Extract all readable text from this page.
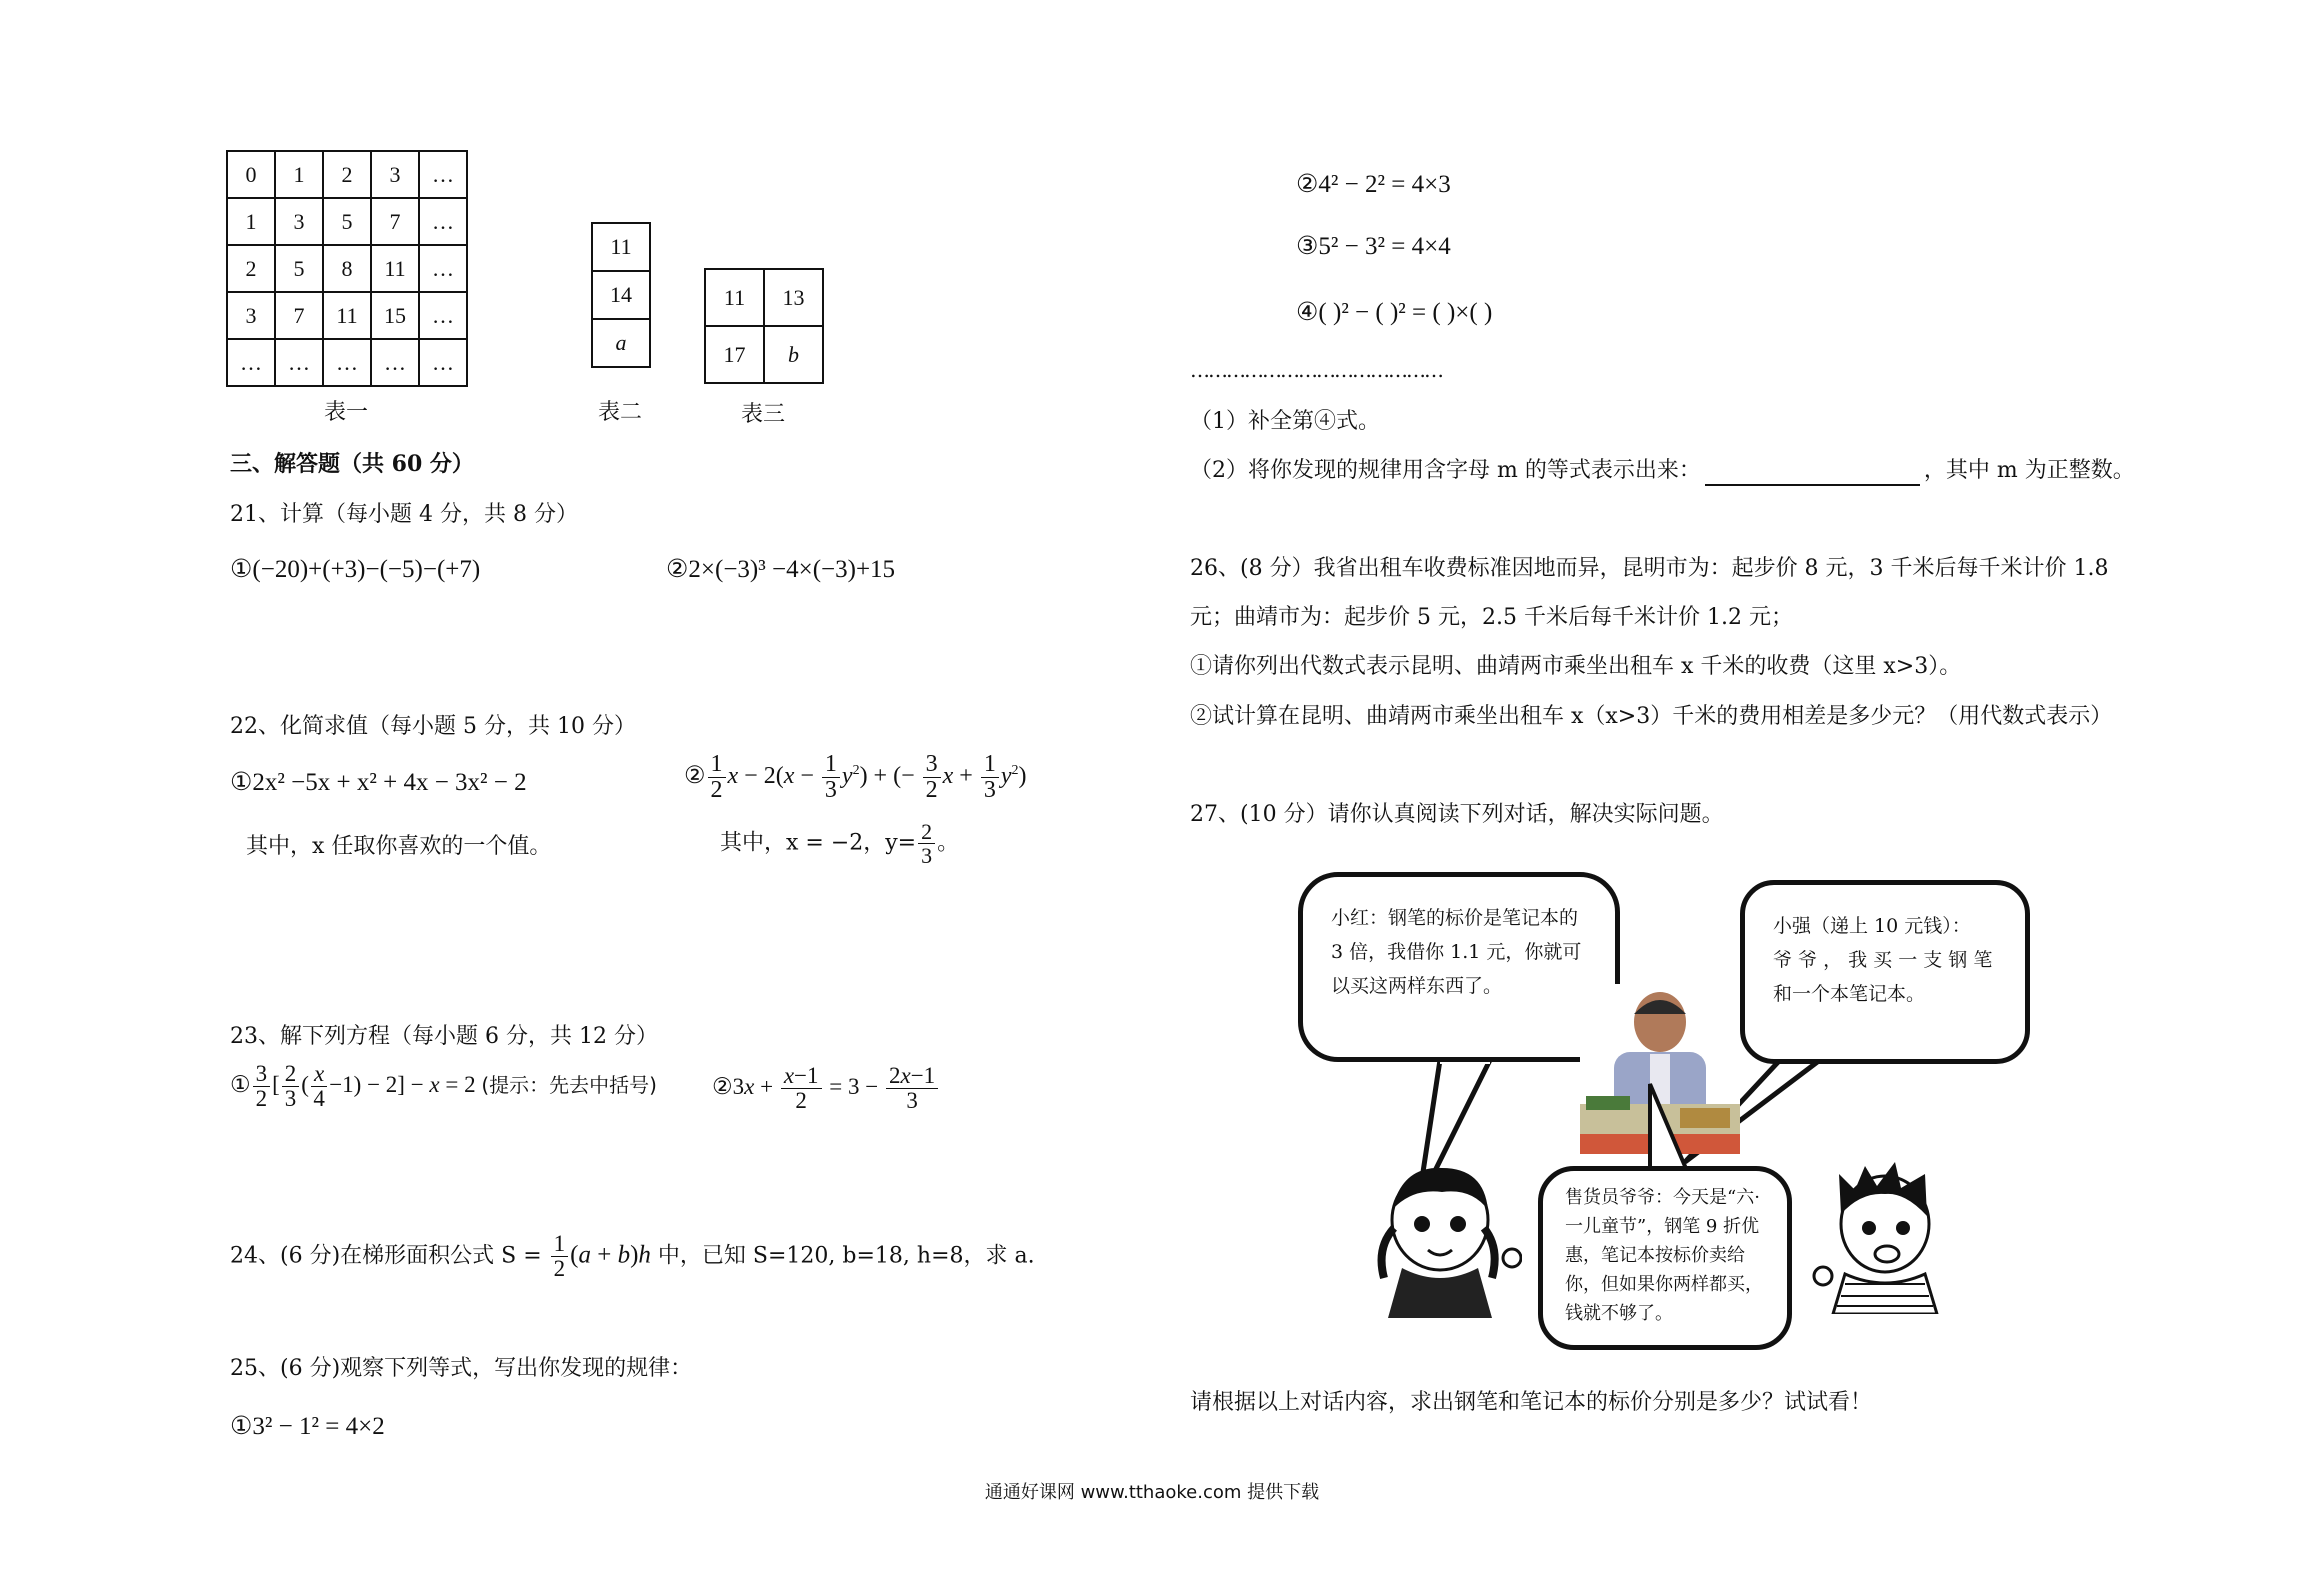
0	1	2	3	…
1	3	5	7	…
2	5	8	11	…
3	7	11	15	…
…	…	…	…	…
表一
11
14
a
表二
11	13
17	b
表三
三、解答题（共 60 分）
21、计算（每小题 4 分，共 8 分）
①(−20)+(+3)−(−5)−(+7)	②2×(−3)³ −4×(−3)+15
22、化简求值（每小题 5 分，共 10 分）
①2x² −5x + x² + 4x − 3x² − 2
其中，x 任取你喜欢的一个值。
② $\frac{1}{2}$ $x - 2(x - \frac{1}{3} y^2)$ + (− $\frac{3}{2}$ $x + \frac{1}{3} y^2$)
其中，x = −2，$y= \frac{2}{3}$ 。
23、解下列方程（每小题 6 分，共 12 分）
① $\frac{3}{2}$ [ $\frac{2}{3}$ ( $\frac{x}{4} -1) - 2] - x = 2$ (提示：先去中括号) ②3x + $\frac{x-1}{2} = 3 - \frac{2x-1}{3}$
24、(6 分)在梯形面积公式 $S = \frac{1}{2} (a + b)h$ 中，已知 S=120, b=18, h=8，求 a.
25、(6 分)观察下列等式，写出你发现的规律：
①3² − 1² = 4×2
②4² − 2² = 4×3
③5² − 3² = 4×4
④( )² − ( )² = ( )×( )
……………………………………
（1）补全第④式。
（2）将你发现的规律用含字母 m 的等式表示出来：	，其中 m 为正整数。
26、(8 分）我省出租车收费标准因地而异，昆明市为：起步价 8 元，3 千米后每千米计价 1.8
元；曲靖市为：起步价 5 元，2.5 千米后每千米计价 1.2 元；
①请你列出代数式表示昆明、曲靖两市乘坐出租车 x 千米的收费（这里 x>3）。
②试计算在昆明、曲靖两市乘坐出租车 x（x>3）千米的费用相差是多少元？（用代数式表示）
27、(10 分）请你认真阅读下列对话，解决实际问题。
小红：钢笔的标价是笔记本的 3 倍，我借你 1.1 元，你就可以买这两样东西了。
小强（递上 10 元钱）：
爷 爷 ， 我 买 一 支 钢 笔 和一个本笔记本。
售货员爷爷：今天是“六·一儿童节”，钢笔 9 折优惠，笔记本按标价卖给你，但如果你两样都买，钱就不够了。
请根据以上对话内容，求出钢笔和笔记本的标价分别是多少？试试看！
通通好课网 www.tthaoke.com 提供下载
